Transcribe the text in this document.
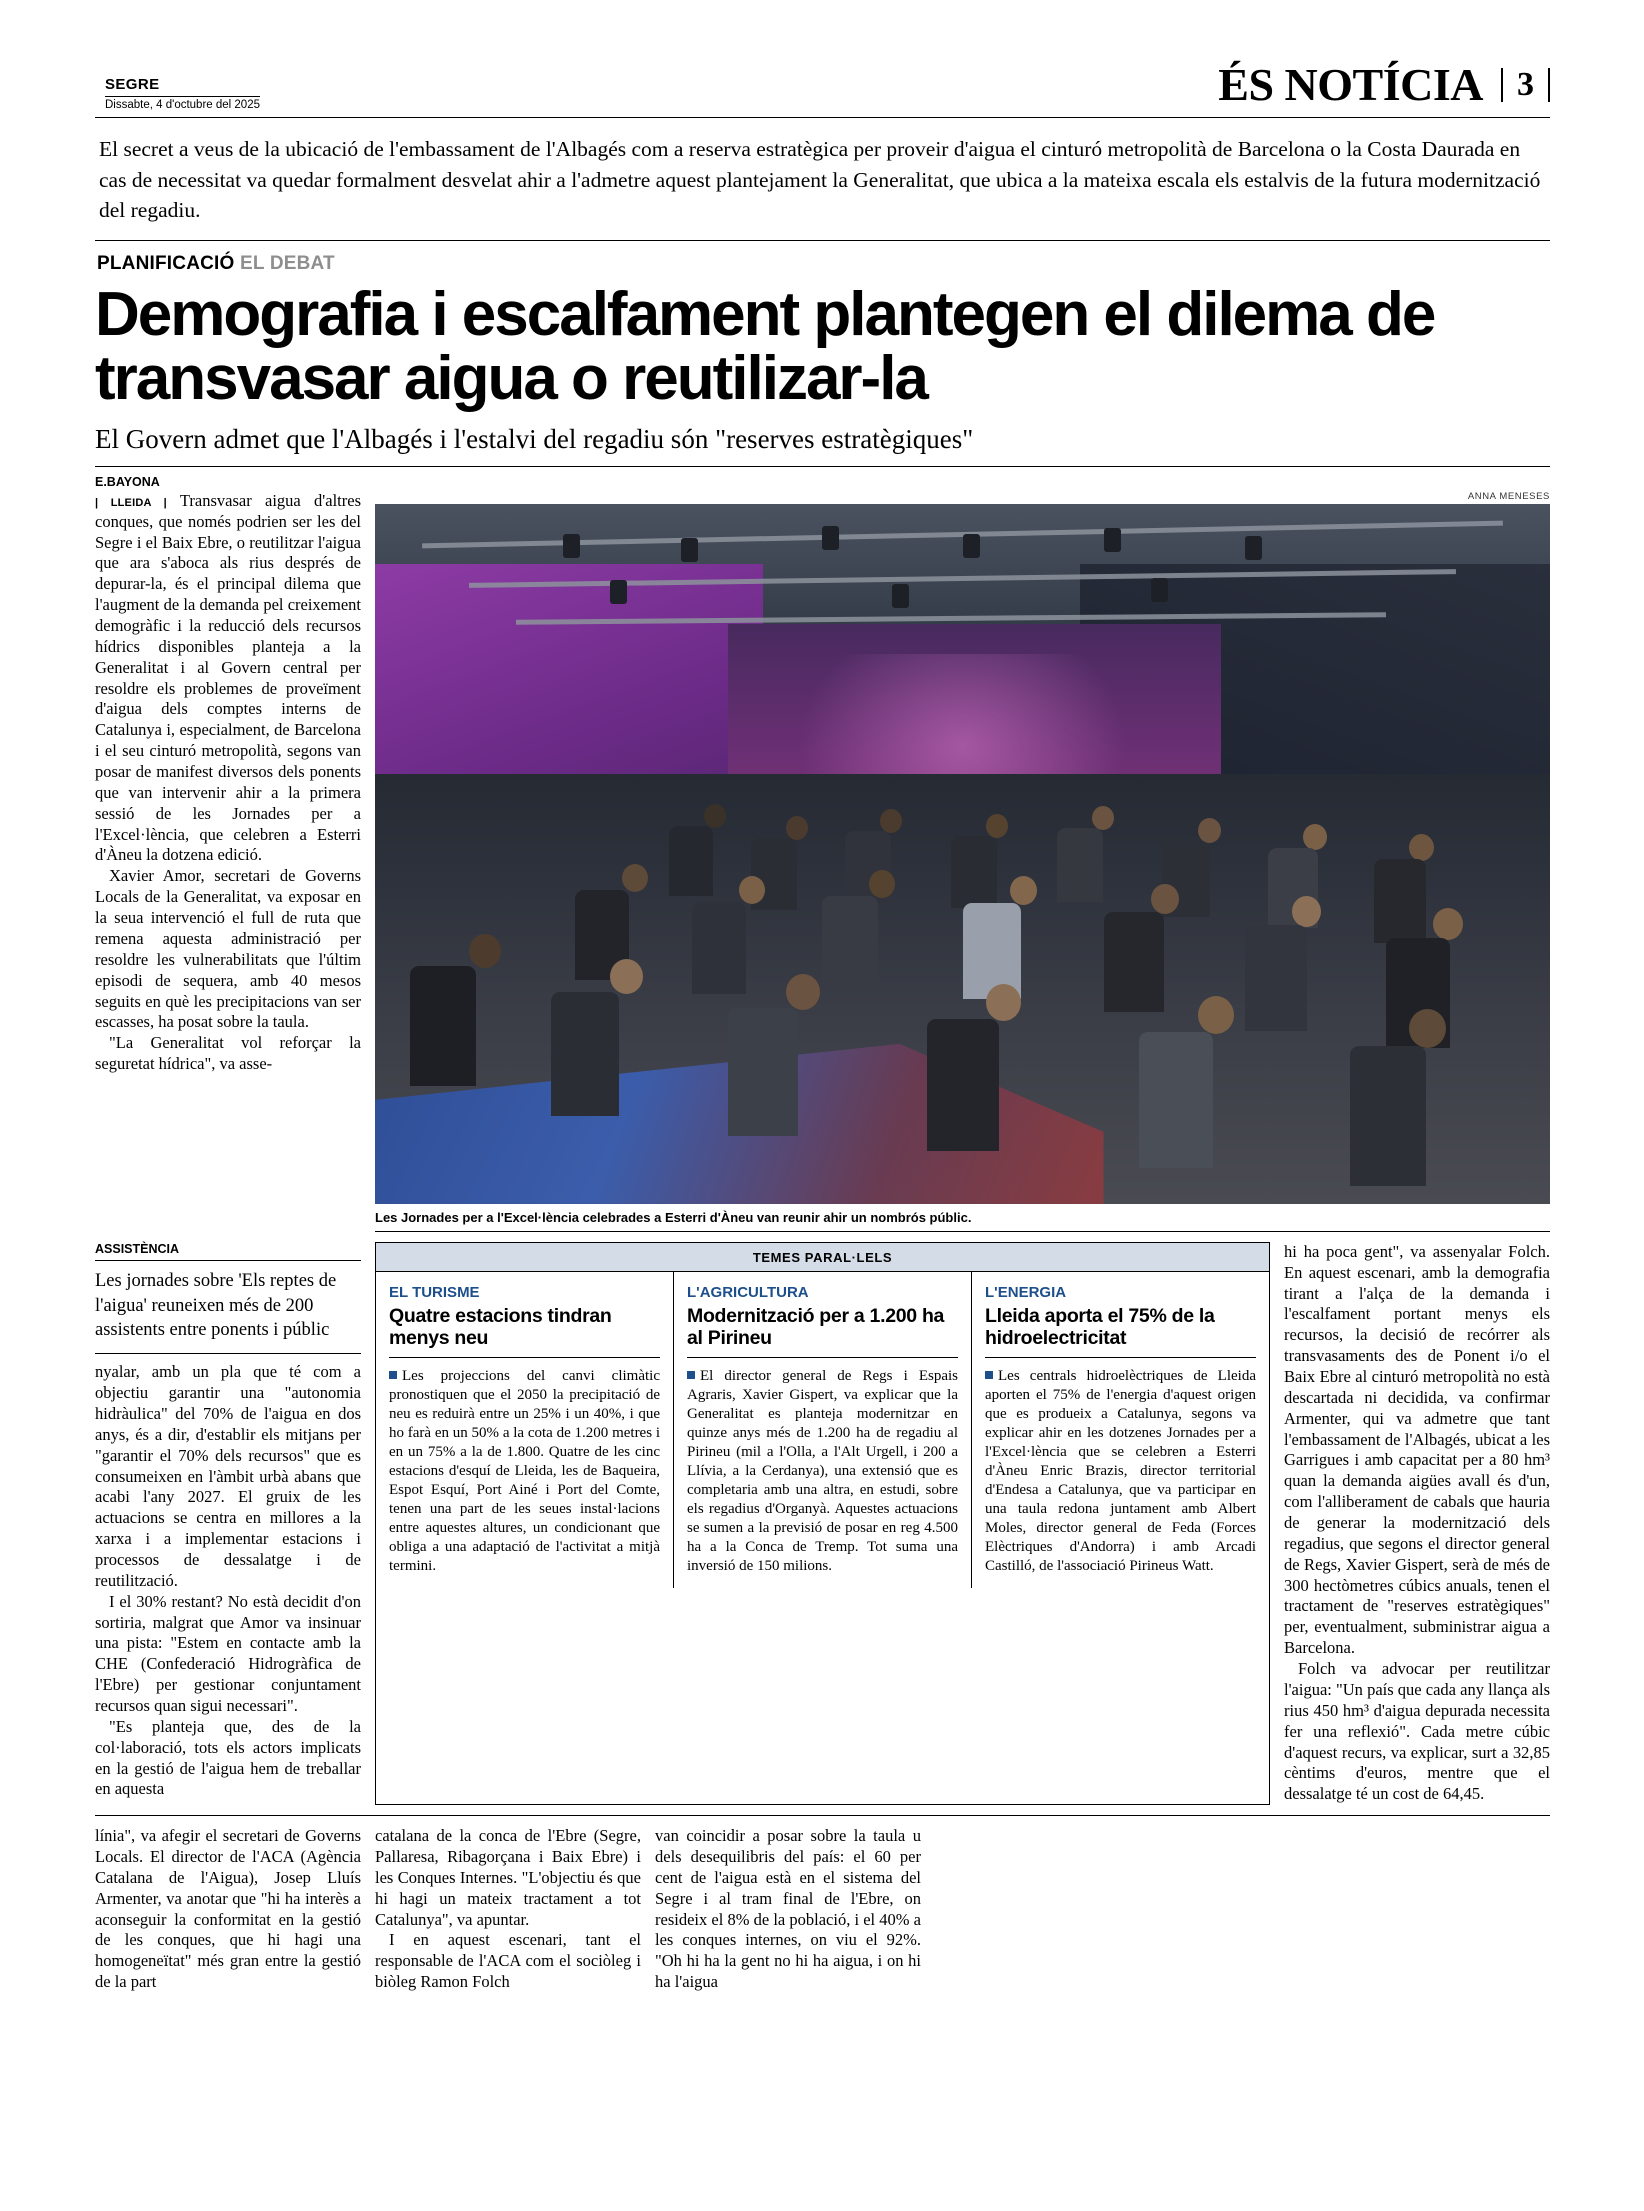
SEGRE
Dissabte, 4 d'octubre del 2025	ÉS NOTÍCIA 3
El secret a veus de la ubicació de l'embassament de l'Albagés com a reserva estratègica per proveir d'aigua el cinturó metropolità de Barcelona o la Costa Daurada en cas de necessitat va quedar formalment desvelat ahir a l'admetre aquest plantejament la Generalitat, que ubica a la mateixa escala els estalvis de la futura modernització del regadiu.
PLANIFICACIÓ EL DEBAT
Demografia i escalfament plantegen el dilema de transvasar aigua o reutilizar-la
El Govern admet que l'Albagés i l'estalvi del regadiu són "reserves estratègiques"
E.BAYONA

| LLEIDA | Transvasar aigua d'altres conques, que només podrien ser les del Segre i el Baix Ebre, o reutilitzar l'aigua que ara s'aboca als rius després de depurar-la, és el principal dilema que l'augment de la demanda pel creixement demogràfic i la reducció dels recursos hídrics disponibles planteja a la Generalitat i al Govern central per resoldre els problemes de proveïment d'aigua dels comptes interns de Catalunya i, especialment, de Barcelona i el seu cinturó metropolità, segons van posar de manifest diversos dels ponents que van intervenir ahir a la primera sessió de les Jornades per a l'Excel·lència, que celebren a Esterri d'Àneu la dotzena edició.

Xavier Amor, secretari de Governs Locals de la Generalitat, va exposar en la seua intervenció el full de ruta que remena aquesta administració per resoldre les vulnerabilitats que l'últim episodi de sequera, amb 40 mesos seguits en què les precipitacions van ser escasses, ha posat sobre la taula.

"La Generalitat vol reforçar la seguretat hídrica", va asse-

ANNA MENESES
Les Jornades per a l'Excel·lència celebrades a Esterri d'Àneu van reunir ahir un nombrós públic.
ASSISTÈNCIA
Les jornades sobre 'Els reptes de l'aigua' reuneixen més de 200 assistents entre ponents i públic

nyalar, amb un pla que té com a objectiu garantir una "autonomia hidràulica" del 70% de l'aigua en dos anys, és a dir, d'establir els mitjans per "garantir el 70% dels recursos" que es consumeixen en l'àmbit urbà abans que acabi l'any 2027. El gruix de les actuacions se centra en millores a la xarxa i a implementar estacions i processos de dessalatge i de reutilització.

I el 30% restant? No està decidit d'on sortiria, malgrat que Amor va insinuar una pista: "Estem en contacte amb la CHE (Confederació Hidrogràfica de l'Ebre) per gestionar conjuntament recursos quan sigui necessari".

"Es planteja que, des de la col·laboració, tots els actors implicats en la gestió de l'aigua hem de treballar en aquesta

TEMES PARAL·LELS
EL TURISME
Quatre estacions tindran menys neu
Les projeccions del canvi climàtic pronostiquen que el 2050 la precipitació de neu es reduirà entre un 25% i un 40%, i que ho farà en un 50% a la cota de 1.200 metres i en un 75% a la de 1.800. Quatre de les cinc estacions d'esquí de Lleida, les de Baqueira, Espot Esquí, Port Ainé i Port del Comte, tenen una part de les seues instal·lacions entre aquestes altures, un condicionant que obliga a una adaptació de l'activitat a mitjà termini.
L'AGRICULTURA
Modernització per a 1.200 ha al Pirineu
El director general de Regs i Espais Agraris, Xavier Gispert, va explicar que la Generalitat es planteja modernitzar en quinze anys més de 1.200 ha de regadiu al Pirineu (mil a l'Olla, a l'Alt Urgell, i 200 a Llívia, a la Cerdanya), una extensió que es completaria amb una altra, en estudi, sobre els regadius d'Organyà. Aquestes actuacions se sumen a la previsió de posar en reg 4.500 ha a la Conca de Tremp. Tot suma una inversió de 150 milions.
L'ENERGIA
Lleida aporta el 75% de la hidroelectricitat
Les centrals hidroelèctriques de Lleida aporten el 75% de l'energia d'aquest origen que es produeix a Catalunya, segons va explicar ahir en les dotzenes Jornades per a l'Excel·lència que se celebren a Esterri d'Àneu Enric Brazis, director territorial d'Endesa a Catalunya, que va participar en una taula redona juntament amb Albert Moles, director general de Feda (Forces Elèctriques d'Andorra) i amb Arcadi Castilló, de l'associació Pirineus Watt.

hi ha poca gent", va assenyalar Folch. En aquest escenari, amb la demografia tirant a l'alça de la demanda i l'escalfament portant menys els recursos, la decisió de recórrer als transvasaments des de Ponent i/o el Baix Ebre al cinturó metropolità no està descartada ni decidida, va confirmar Armenter, qui va admetre que tant l'embassament de l'Albagés, ubicat a les Garrigues i amb capacitat per a 80 hm³ quan la demanda aigües avall és d'un, com l'alliberament de cabals que hauria de generar la modernització dels regadius, que segons el director general de Regs, Xavier Gispert, serà de més de 300 hectòmetres cúbics anuals, tenen el tractament de "reserves estratègiques" per, eventualment, subministrar aigua a Barcelona.

Folch va advocar per reutilitzar l'aigua: "Un país que cada any llança als rius 450 hm³ d'aigua depurada necessita fer una reflexió". Cada metre cúbic d'aquest recurs, va explicar, surt a 32,85 cèntims d'euros, mentre que el dessalatge té un cost de 64,45.

línia", va afegir el secretari de Governs Locals. El director de l'ACA (Agència Catalana de l'Aigua), Josep Lluís Armenter, va anotar que "hi ha interès a aconseguir la conformitat en la gestió de les conques, que hi hagi una homogeneïtat" més gran entre la gestió de la part

catalana de la conca de l'Ebre (Segre, Pallaresa, Ribagorçana i Baix Ebre) i les Conques Internes. "L'objectiu és que hi hagi un mateix tractament a tot Catalunya", va apuntar.

I en aquest escenari, tant el responsable de l'ACA com el sociòleg i biòleg Ramon Folch

van coincidir a posar sobre la taula u dels desequilibris del país: el 60 per cent de l'aigua està en el sistema del Segre i al tram final de l'Ebre, on resideix el 8% de la població, i el 40% a les conques internes, on viu el 92%. "Oh hi ha la gent no hi ha aigua, i on hi ha l'aigua
